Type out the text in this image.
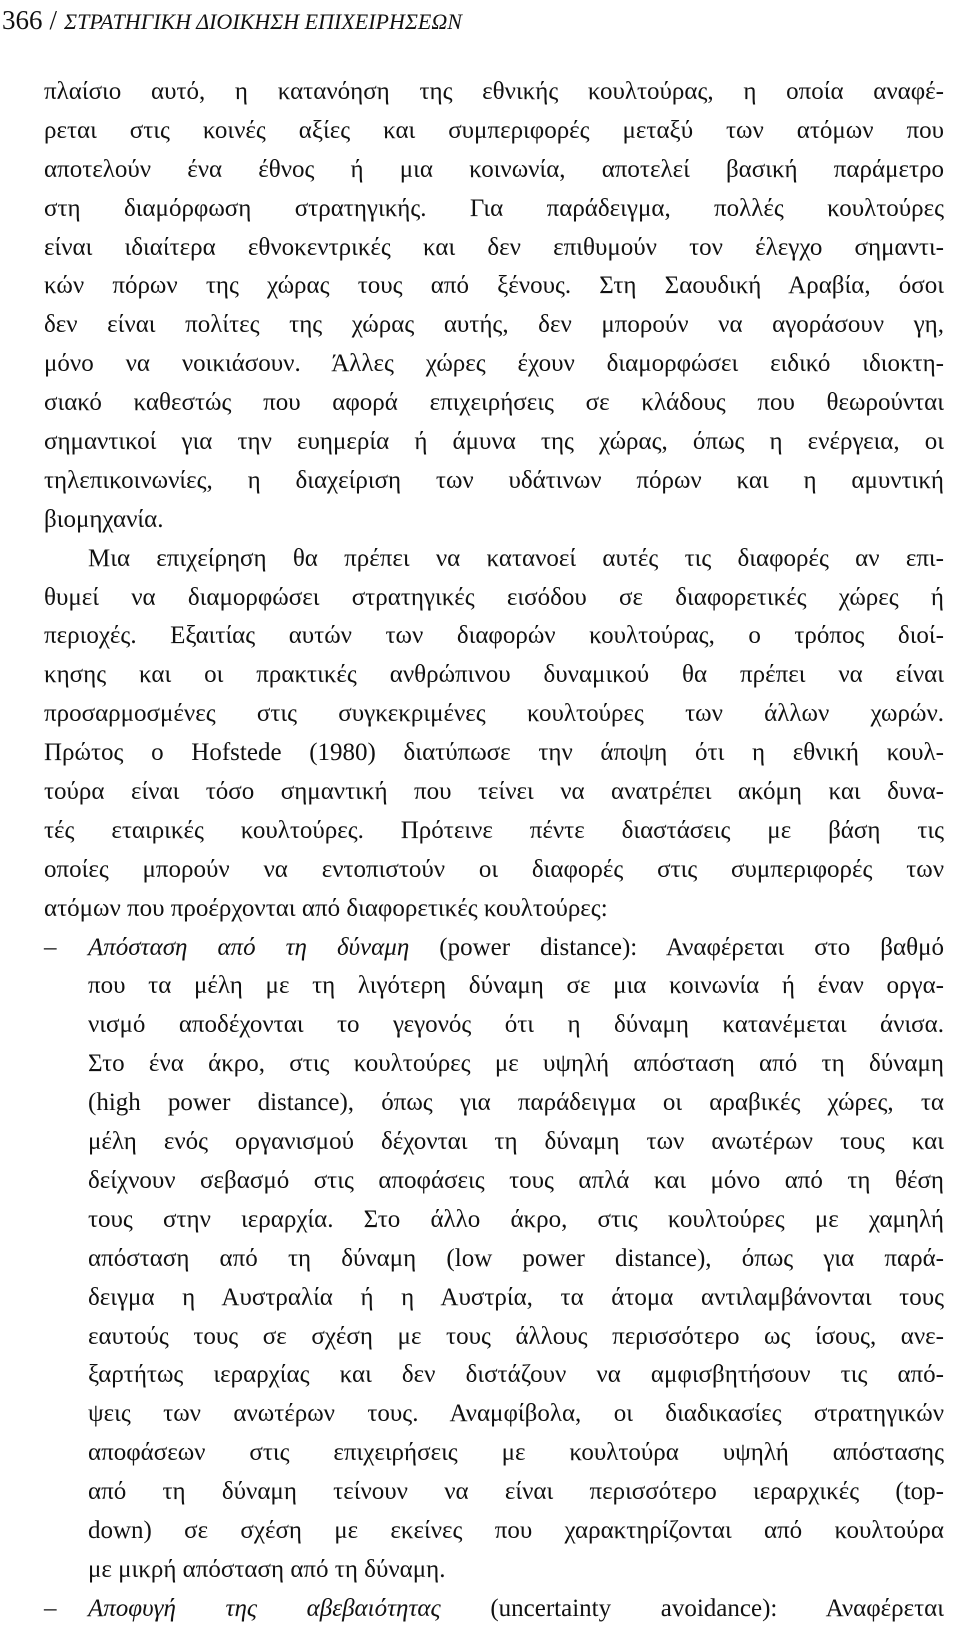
366 / ΣΤΡΑΤΗΓΙΚΗ ΔΙΟΙΚΗΣΗ ΕΠΙΧΕΙΡΗΣΕΩΝ
πλαίσιο αυτό, η κατανόηση της εθνικής κουλτούρας, η οποία αναφέ-
ρεται στις κοινές αξίες και συμπεριφορές μεταξύ των ατόμων που
αποτελούν ένα έθνος ή μια κοινωνία, αποτελεί βασική παράμετρο
στη διαμόρφωση στρατηγικής. Για παράδειγμα, πολλές κουλτούρες
είναι ιδιαίτερα εθνοκεντρικές και δεν επιθυμούν τον έλεγχο σημαντι-
κών πόρων της χώρας τους από ξένους. Στη Σαουδική Αραβία, όσοι
δεν είναι πολίτες της χώρας αυτής, δεν μπορούν να αγοράσουν γη,
μόνο να νοικιάσουν. Άλλες χώρες έχουν διαμορφώσει ειδικό ιδιοκτη-
σιακό καθεστώς που αφορά επιχειρήσεις σε κλάδους που θεωρούνται
σημαντικοί για την ευημερία ή άμυνα της χώρας, όπως η ενέργεια, οι
τηλεπικοινωνίες, η διαχείριση των υδάτινων πόρων και η αμυντική
βιομηχανία.
Μια επιχείρηση θα πρέπει να κατανοεί αυτές τις διαφορές αν επι-
θυμεί να διαμορφώσει στρατηγικές εισόδου σε διαφορετικές χώρες ή
περιοχές. Εξαιτίας αυτών των διαφορών κουλτούρας, ο τρόπος διοί-
κησης και οι πρακτικές ανθρώπινου δυναμικού θα πρέπει να είναι
προσαρμοσμένες στις συγκεκριμένες κουλτούρες των άλλων χωρών.
Πρώτος ο Hofstede (1980) διατύπωσε την άποψη ότι η εθνική κουλ-
τούρα είναι τόσο σημαντική που τείνει να ανατρέπει ακόμη και δυνα-
τές εταιρικές κουλτούρες. Πρότεινε πέντε διαστάσεις με βάση τις
οποίες μπορούν να εντοπιστούν οι διαφορές στις συμπεριφορές των
ατόμων που προέρχονται από διαφορετικές κουλτούρες:
– Απόσταση από τη δύναμη (power distance): Αναφέρεται στο βαθμό
που τα μέλη με τη λιγότερη δύναμη σε μια κοινωνία ή έναν οργα-
νισμό αποδέχονται το γεγονός ότι η δύναμη κατανέμεται άνισα.
Στο ένα άκρο, στις κουλτούρες με υψηλή απόσταση από τη δύναμη
(high power distance), όπως για παράδειγμα οι αραβικές χώρες, τα
μέλη ενός οργανισμού δέχονται τη δύναμη των ανωτέρων τους και
δείχνουν σεβασμό στις αποφάσεις τους απλά και μόνο από τη θέση
τους στην ιεραρχία. Στο άλλο άκρο, στις κουλτούρες με χαμηλή
απόσταση από τη δύναμη (low power distance), όπως για παρά-
δειγμα η Αυστραλία ή η Αυστρία, τα άτομα αντιλαμβάνονται τους
εαυτούς τους σε σχέση με τους άλλους περισσότερο ως ίσους, ανε-
ξαρτήτως ιεραρχίας και δεν διστάζουν να αμφισβητήσουν τις από-
ψεις των ανωτέρων τους. Αναμφίβολα, οι διαδικασίες στρατηγικών
αποφάσεων στις επιχειρήσεις με κουλτούρα υψηλή απόστασης
από τη δύναμη τείνουν να είναι περισσότερο ιεραρχικές (top-
down) σε σχέση με εκείνες που χαρακτηρίζονται από κουλτούρα
με μικρή απόσταση από τη δύναμη.
– Αποφυγή της αβεβαιότητας (uncertainty avoidance): Αναφέρεται
